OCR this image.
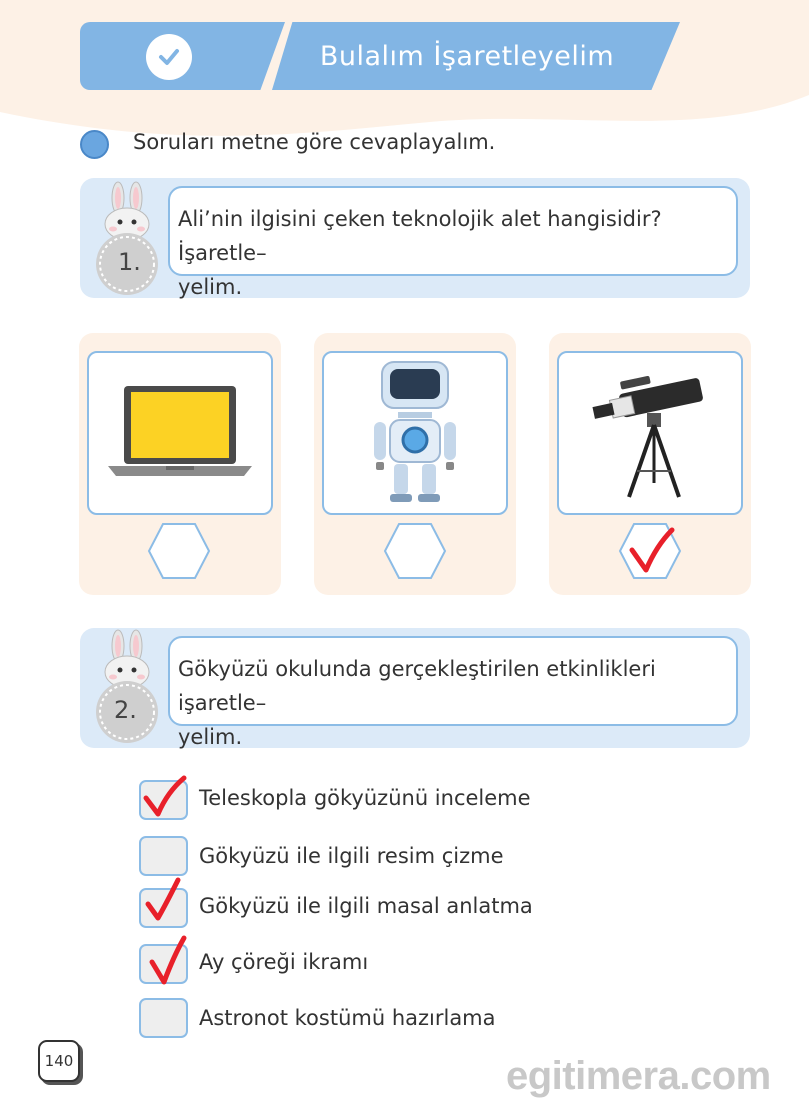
Bulalım İşaretleyelim
Soruları metne göre cevaplayalım.
1.
Ali’nin ilgisini çeken teknolojik alet hangisidir? İşaretle–
yelim.
2.
Gökyüzü okulunda gerçekleştirilen etkinlikleri işaretle–
yelim.
Teleskopla gökyüzünü inceleme
Gökyüzü ile ilgili resim çizme
Gökyüzü ile ilgili masal anlatma
Ay çöreği ikramı
Astronot kostümü hazırlama
140	egitimera.com
